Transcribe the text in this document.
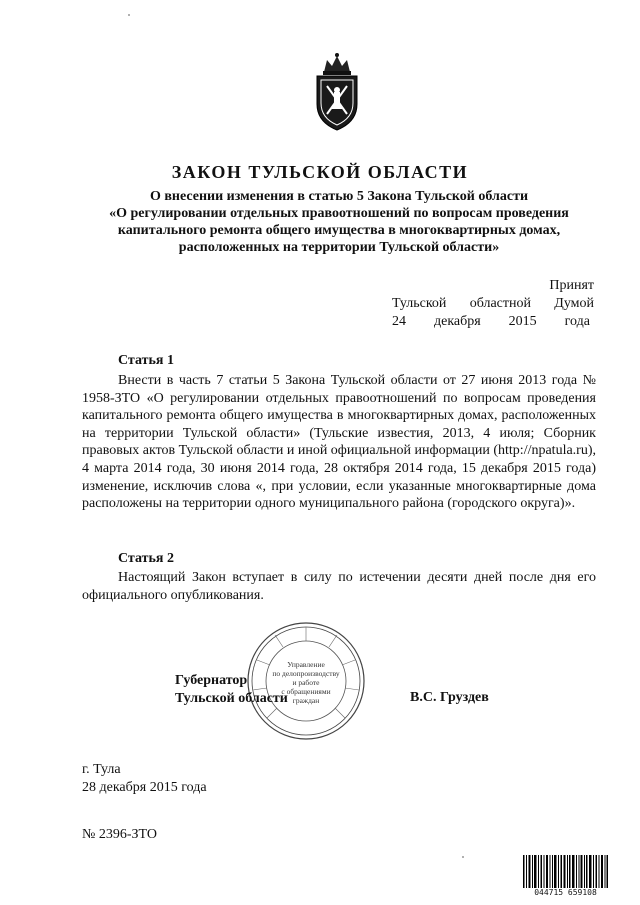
ЗАКОН ТУЛЬСКОЙ ОБЛАСТИ
О внесении изменения в статью 5 Закона Тульской области
«О регулировании отдельных правоотношений по вопросам проведения
капитального ремонта общего имущества в многоквартирных домах,
расположенных на территории Тульской области»
Принят
Тульской областной Думой
24 декабря 2015 года
Статья 1
Внести в часть 7 статьи 5 Закона Тульской области от 27 июня 2013 года № 1958-ЗТО «О регулировании отдельных правоотношений по вопросам проведения капитального ремонта общего имущества в многоквартирных домах, расположенных на территории Тульской области» (Тульские известия, 2013, 4 июля; Сборник правовых актов Тульской области и иной официальной информации (http://npatula.ru), 4 марта 2014 года, 30 июня 2014 года, 28 октября 2014 года, 15 декабря 2015 года) изменение, исключив слова «, при условии, если указанные многоквартирные дома расположены на территории одного муниципального района (городского округа)».
Статья 2
Настоящий Закон вступает в силу по истечении десяти дней после дня его официального опубликования.
Управление
по делопроизводству
и работе
с обращениями
граждан
Губернатор
Тульской области	В.С. Груздев
г. Тула
28 декабря 2015 года
№ 2396-ЗТО
044715 659108
